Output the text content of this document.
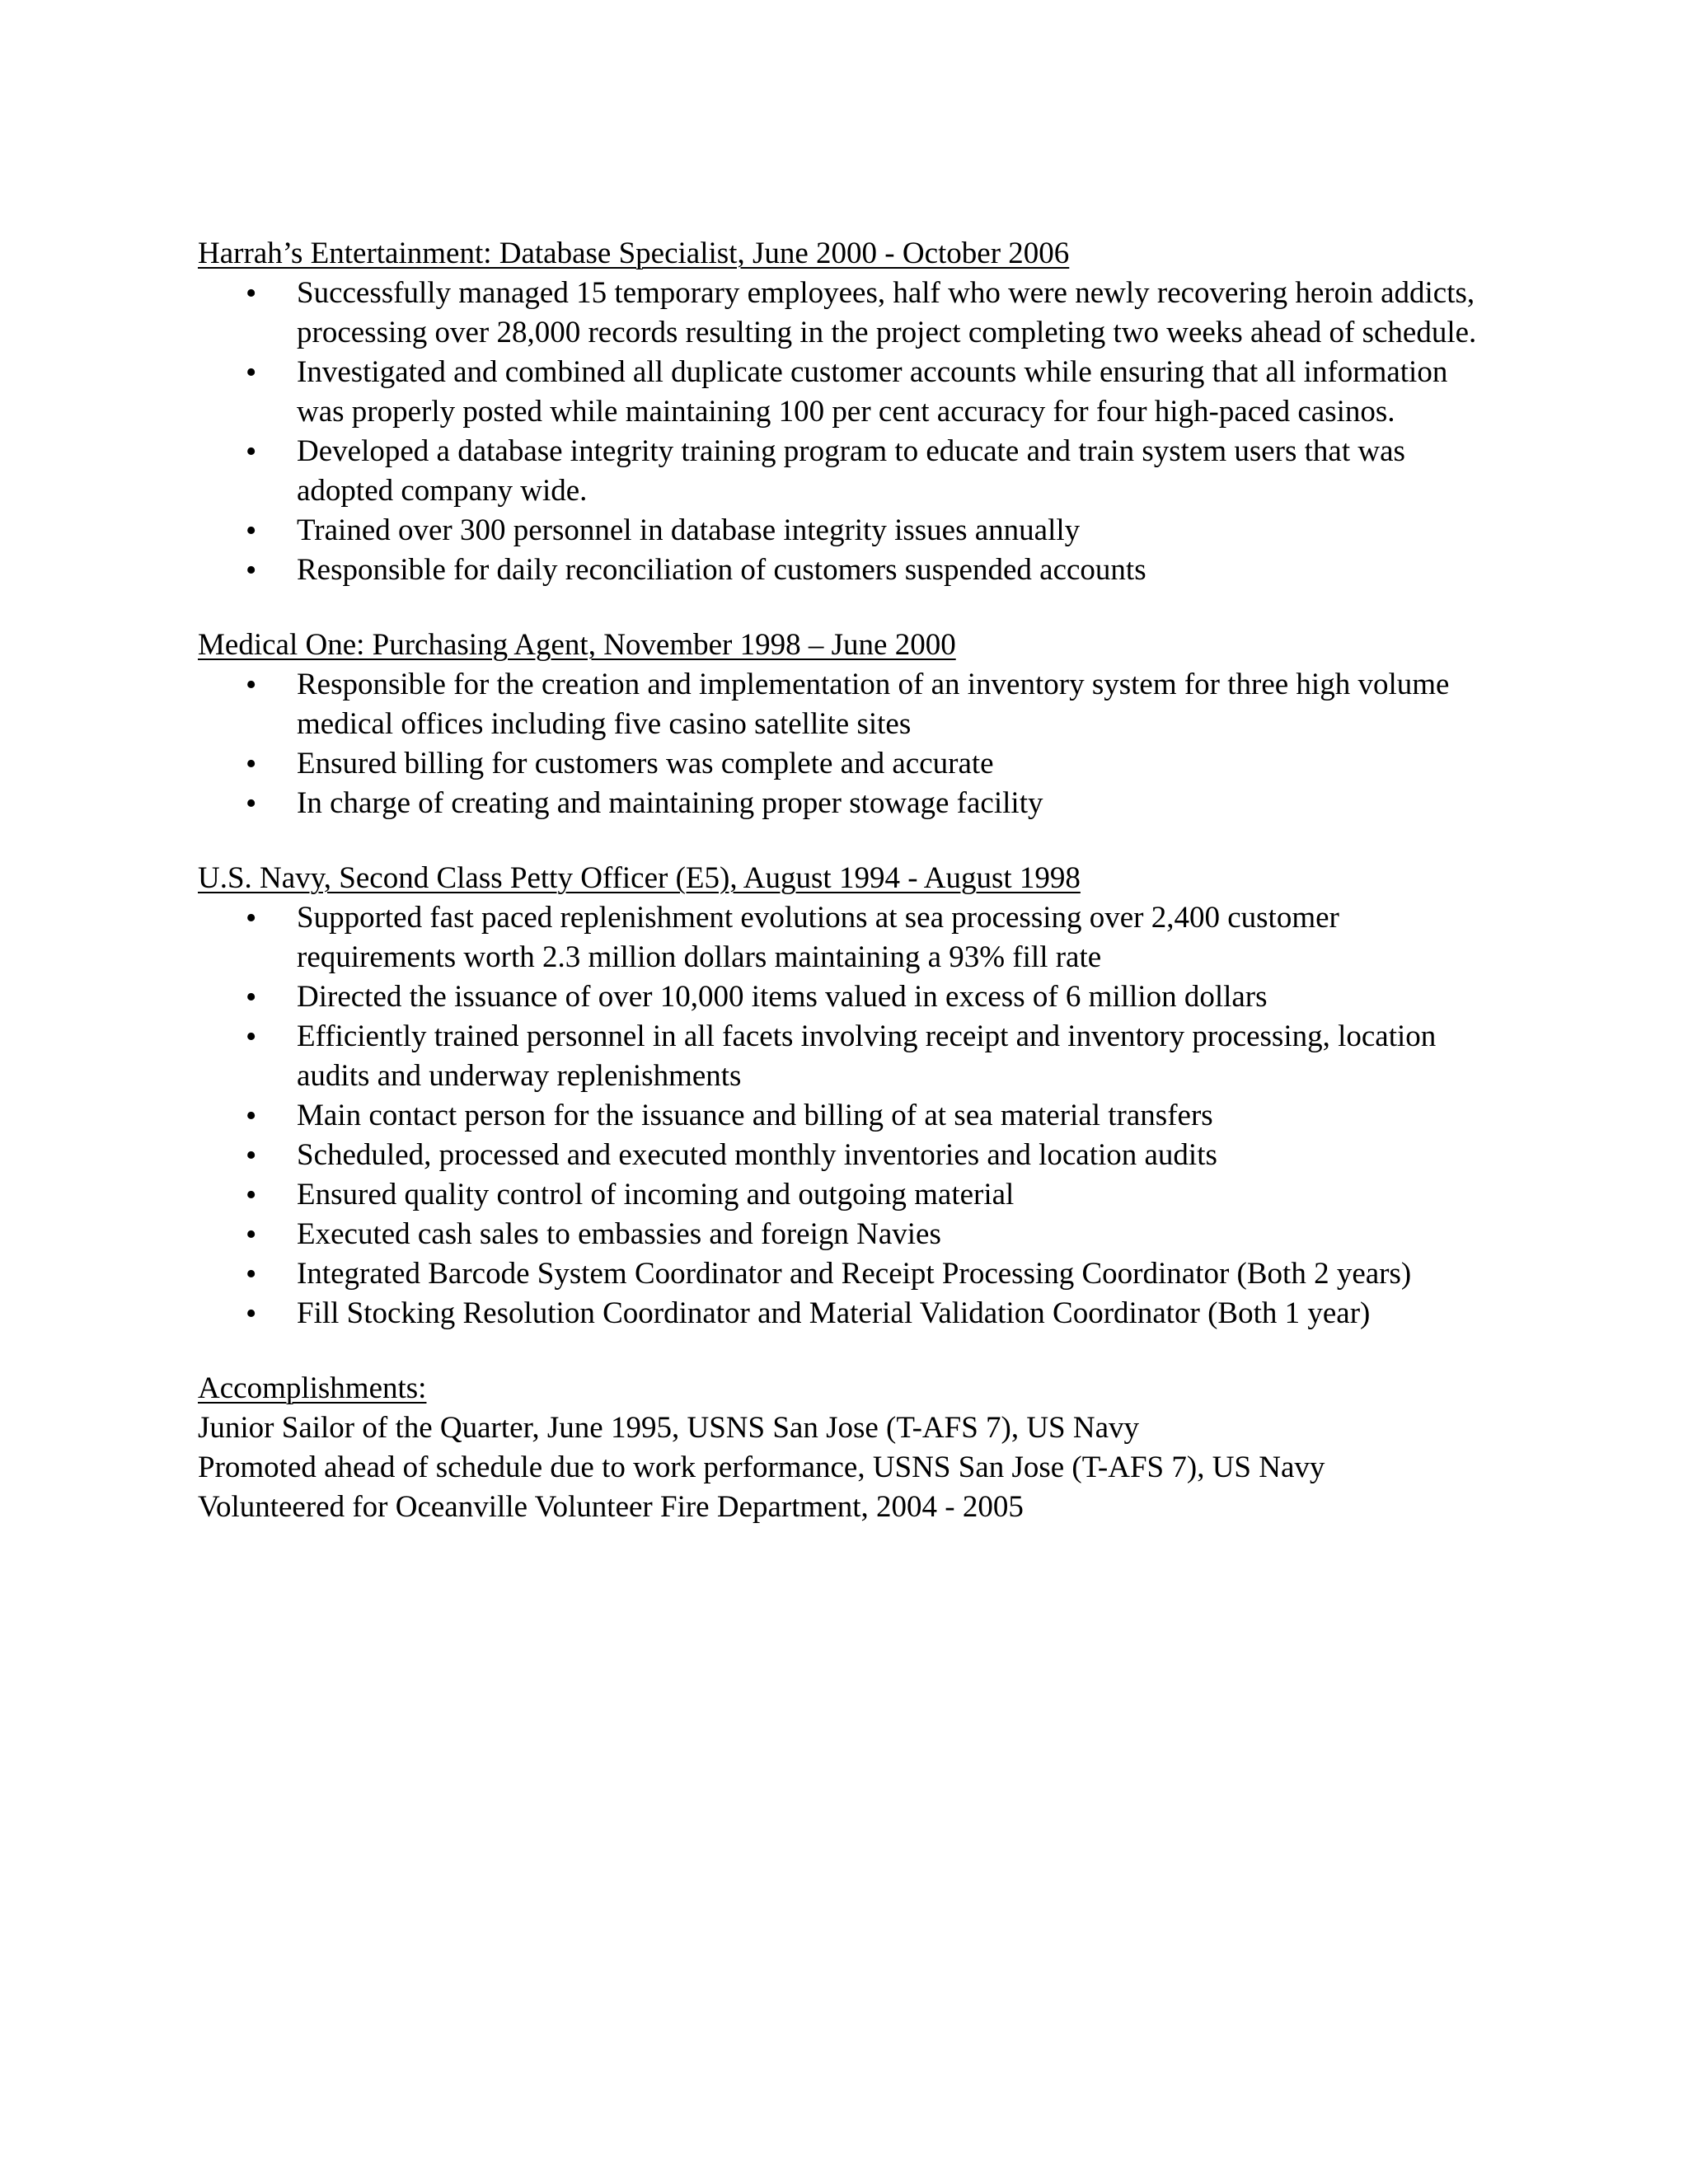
Harrah’s Entertainment: Database Specialist, June 2000 - October 2006

• Successfully managed 15 temporary employees, half who were newly recovering heroin addicts, processing over 28,000 records resulting in the project completing two weeks ahead of schedule.
• Investigated and combined all duplicate customer accounts while ensuring that all information was properly posted while maintaining 100 per cent accuracy for four high-paced casinos.
• Developed a database integrity training program to educate and train system users that was adopted company wide.
• Trained over 300 personnel in database integrity issues annually
• Responsible for daily reconciliation of customers suspended accounts

Medical One: Purchasing Agent, November 1998 – June 2000

• Responsible for the creation and implementation of an inventory system for three high volume medical offices including five casino satellite sites
• Ensured billing for customers was complete and accurate
• In charge of creating and maintaining proper stowage facility

U.S. Navy, Second Class Petty Officer (E5), August 1994 - August 1998

• Supported fast paced replenishment evolutions at sea processing over 2,400 customer requirements worth 2.3 million dollars maintaining a 93% fill rate
• Directed the issuance of over 10,000 items valued in excess of 6 million dollars
• Efficiently trained personnel in all facets involving receipt and inventory processing, location audits and underway replenishments
• Main contact person for the issuance and billing of at sea material transfers
• Scheduled, processed and executed monthly inventories and location audits
• Ensured quality control of incoming and outgoing material
• Executed cash sales to embassies and foreign Navies
• Integrated Barcode System Coordinator and Receipt Processing Coordinator (Both 2 years)
• Fill Stocking Resolution Coordinator and Material Validation Coordinator (Both 1 year)

Accomplishments:

Junior Sailor of the Quarter, June 1995, USNS San Jose (T-AFS 7), US Navy
Promoted ahead of schedule due to work performance, USNS San Jose (T-AFS 7), US Navy
Volunteered for Oceanville Volunteer Fire Department, 2004 - 2005
